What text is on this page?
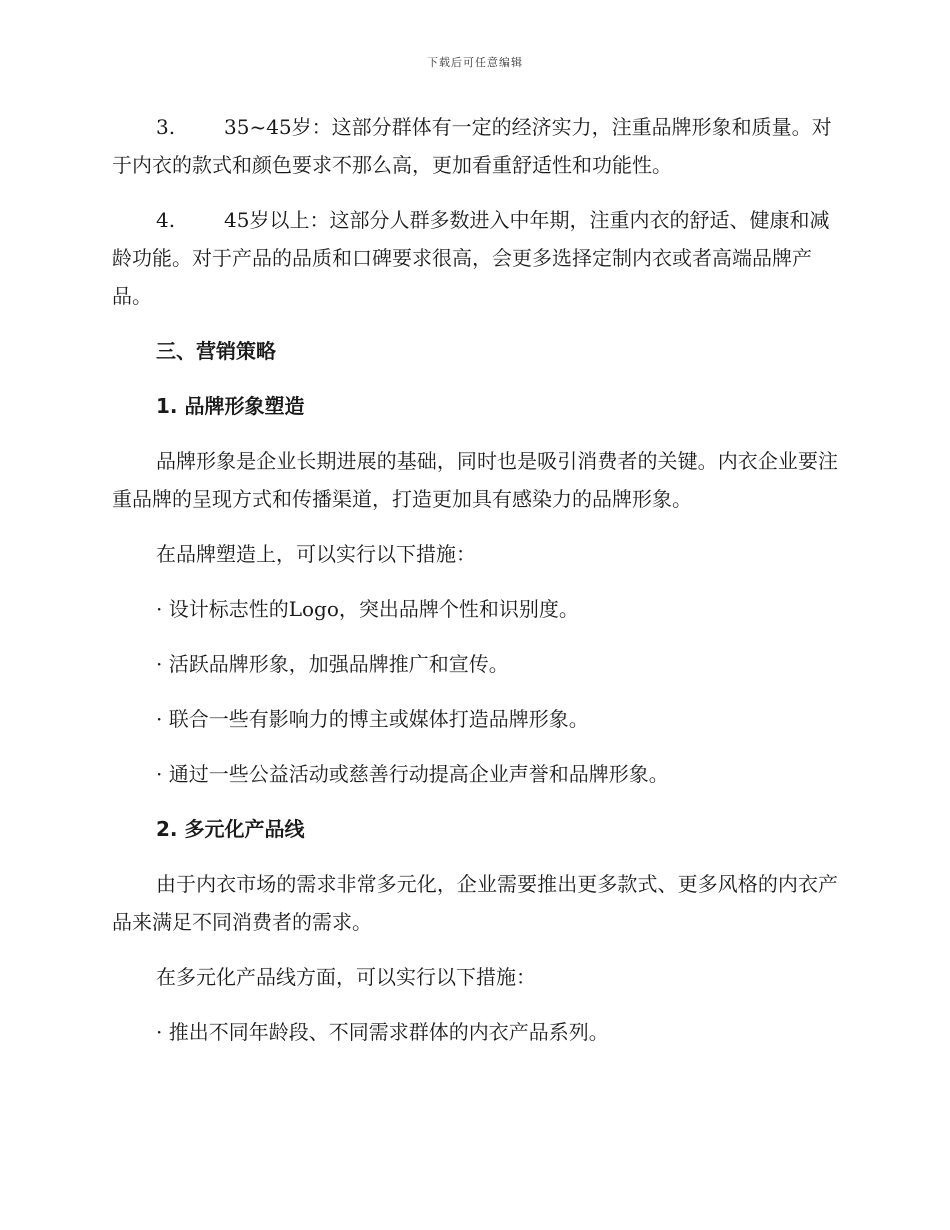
下载后可任意编辑
3. 35~45岁：这部分群体有一定的经济实力，注重品牌形象和质量。对于内衣的款式和颜色要求不那么高，更加看重舒适性和功能性。
4. 45岁以上：这部分人群多数进入中年期，注重内衣的舒适、健康和减龄功能。对于产品的品质和口碑要求很高，会更多选择定制内衣或者高端品牌产品。
三、营销策略
1. 品牌形象塑造

品牌形象是企业长期进展的基础，同时也是吸引消费者的关键。内衣企业要注重品牌的呈现方式和传播渠道，打造更加具有感染力的品牌形象。

在品牌塑造上，可以实行以下措施：

· 设计标志性的Logo，突出品牌个性和识别度。
· 活跃品牌形象，加强品牌推广和宣传。
· 联合一些有影响力的博主或媒体打造品牌形象。
· 通过一些公益活动或慈善行动提高企业声誉和品牌形象。
2. 多元化产品线

由于内衣市场的需求非常多元化，企业需要推出更多款式、更多风格的内衣产品来满足不同消费者的需求。

在多元化产品线方面，可以实行以下措施：

· 推出不同年龄段、不同需求群体的内衣产品系列。
